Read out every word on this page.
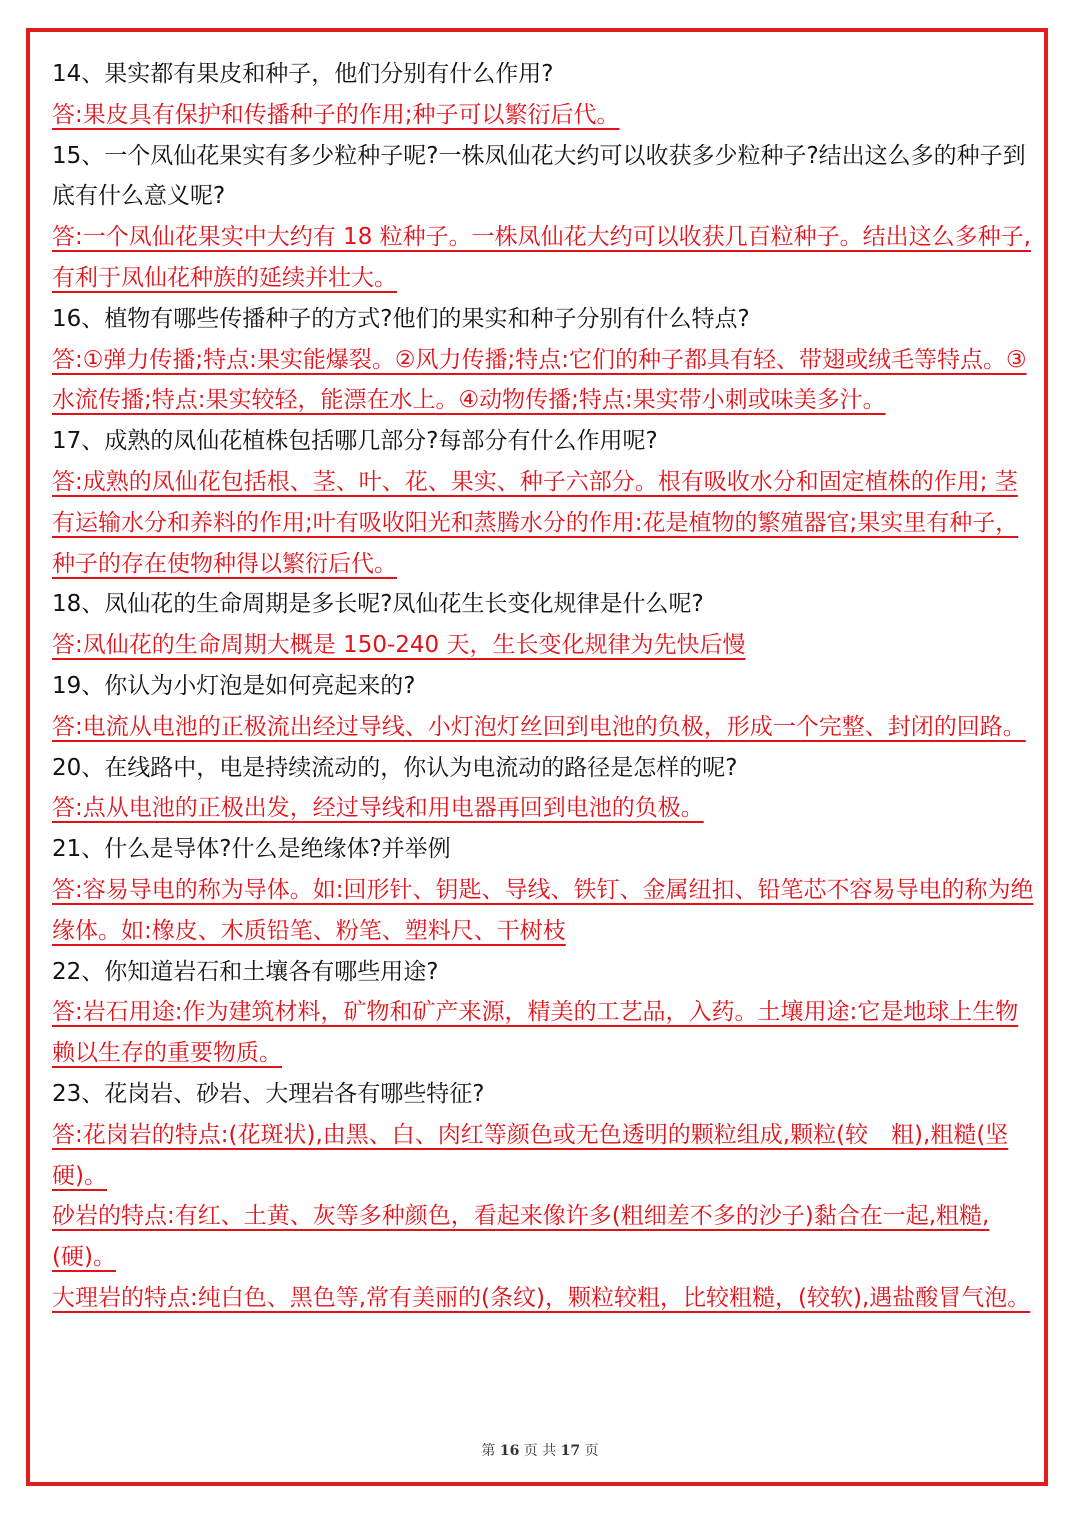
14、果实都有果皮和种子，他们分别有什么作用?
答:果皮具有保护和传播种子的作用;种子可以繁衍后代。
15、一个凤仙花果实有多少粒种子呢?一株凤仙花大约可以收获多少粒种子?结出这么多的种子到底有什么意义呢?
答:一个凤仙花果实中大约有 18 粒种子。一株凤仙花大约可以收获几百粒种子。结出这么多种子,有利于凤仙花种族的延续并壮大。
16、植物有哪些传播种子的方式?他们的果实和种子分别有什么特点?
答:①弹力传播;特点:果实能爆裂。②风力传播;特点:它们的种子都具有轻、带翅或绒毛等特点。③水流传播;特点:果实较轻，能漂在水上。④动物传播;特点:果实带小刺或味美多汁。
17、成熟的凤仙花植株包括哪几部分?每部分有什么作用呢?
答:成熟的凤仙花包括根、茎、叶、花、果实、种子六部分。根有吸收水分和固定植株的作用; 茎有运输水分和养料的作用;叶有吸收阳光和蒸腾水分的作用:花是植物的繁殖器官;果实里有种子，种子的存在使物种得以繁衍后代。
18、凤仙花的生命周期是多长呢?凤仙花生长变化规律是什么呢?
答:凤仙花的生命周期大概是 150-240 天，生长变化规律为先快后慢
19、你认为小灯泡是如何亮起来的?
答:电流从电池的正极流出经过导线、小灯泡灯丝回到电池的负极，形成一个完整、封闭的回路。
20、在线路中，电是持续流动的，你认为电流动的路径是怎样的呢?
答:点从电池的正极出发，经过导线和用电器再回到电池的负极。
21、什么是导体?什么是绝缘体?并举例
答:容易导电的称为导体。如:回形针、钥匙、导线、铁钉、金属纽扣、铅笔芯不容易导电的称为绝缘体。如:橡皮、木质铅笔、粉笔、塑料尺、干树枝
22、你知道岩石和土壤各有哪些用途?
答:岩石用途:作为建筑材料，矿物和矿产来源，精美的工艺品，入药。土壤用途:它是地球上生物赖以生存的重要物质。
23、花岗岩、砂岩、大理岩各有哪些特征?
答:花岗岩的特点:(花斑状),由黑、白、肉红等颜色或无色透明的颗粒组成,颗粒(较　粗),粗糙(坚硬)。
砂岩的特点:有红、土黄、灰等多种颜色，看起来像许多(粗细差不多的沙子)黏合在一起,粗糙,(硬)。
大理岩的特点:纯白色、黑色等,常有美丽的(条纹)，颗粒较粗，比较粗糙，(较软),遇盐酸冒气泡。
第 16 页 共 17 页
